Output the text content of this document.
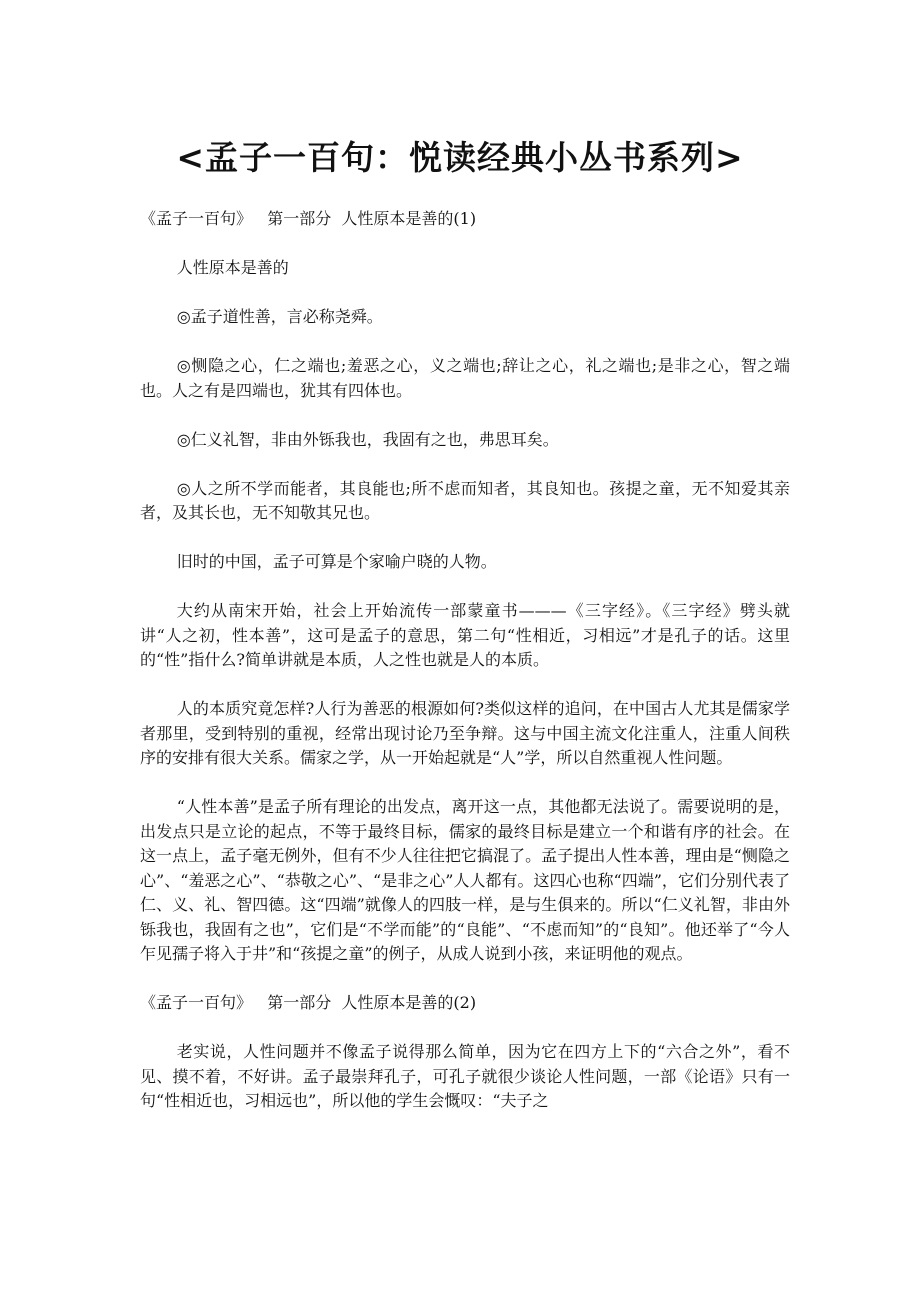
<孟子一百句：悦读经典小丛书系列>

《孟子一百句》   第一部分  人性原本是善的(1)

人性原本是善的

◎孟子道性善，言必称尧舜。

◎恻隐之心，仁之端也;羞恶之心，义之端也;辞让之心，礼之端也;是非之心，智之端也。人之有是四端也，犹其有四体也。

◎仁义礼智，非由外铄我也，我固有之也，弗思耳矣。

◎人之所不学而能者，其良能也;所不虑而知者，其良知也。孩提之童，无不知爱其亲者，及其长也，无不知敬其兄也。

旧时的中国，孟子可算是个家喻户晓的人物。

大约从南宋开始，社会上开始流传一部蒙童书———《三字经》。《三字经》劈头就讲“人之初，性本善”，这可是孟子的意思，第二句“性相近，习相远”才是孔子的话。这里的“性”指什么?简单讲就是本质，人之性也就是人的本质。

人的本质究竟怎样?人行为善恶的根源如何?类似这样的追问，在中国古人尤其是儒家学者那里，受到特别的重视，经常出现讨论乃至争辩。这与中国主流文化注重人，注重人间秩序的安排有很大关系。儒家之学，从一开始起就是“人”学，所以自然重视人性问题。

“人性本善”是孟子所有理论的出发点，离开这一点，其他都无法说了。需要说明的是，出发点只是立论的起点，不等于最终目标，儒家的最终目标是建立一个和谐有序的社会。在这一点上，孟子毫无例外，但有不少人往往把它搞混了。孟子提出人性本善，理由是“恻隐之心”、“羞恶之心”、“恭敬之心”、“是非之心”人人都有。这四心也称“四端”，它们分别代表了仁、义、礼、智四德。这“四端”就像人的四肢一样，是与生俱来的。所以“仁义礼智，非由外铄我也，我固有之也”，它们是“不学而能”的“良能”、“不虑而知”的“良知”。他还举了“今人乍见孺子将入于井”和“孩提之童”的例子，从成人说到小孩，来证明他的观点。

《孟子一百句》   第一部分  人性原本是善的(2)

老实说，人性问题并不像孟子说得那么简单，因为它在四方上下的“六合之外”，看不见、摸不着，不好讲。孟子最崇拜孔子，可孔子就很少谈论人性问题，一部《论语》只有一句“性相近也，习相远也”，所以他的学生会慨叹：“夫子之
